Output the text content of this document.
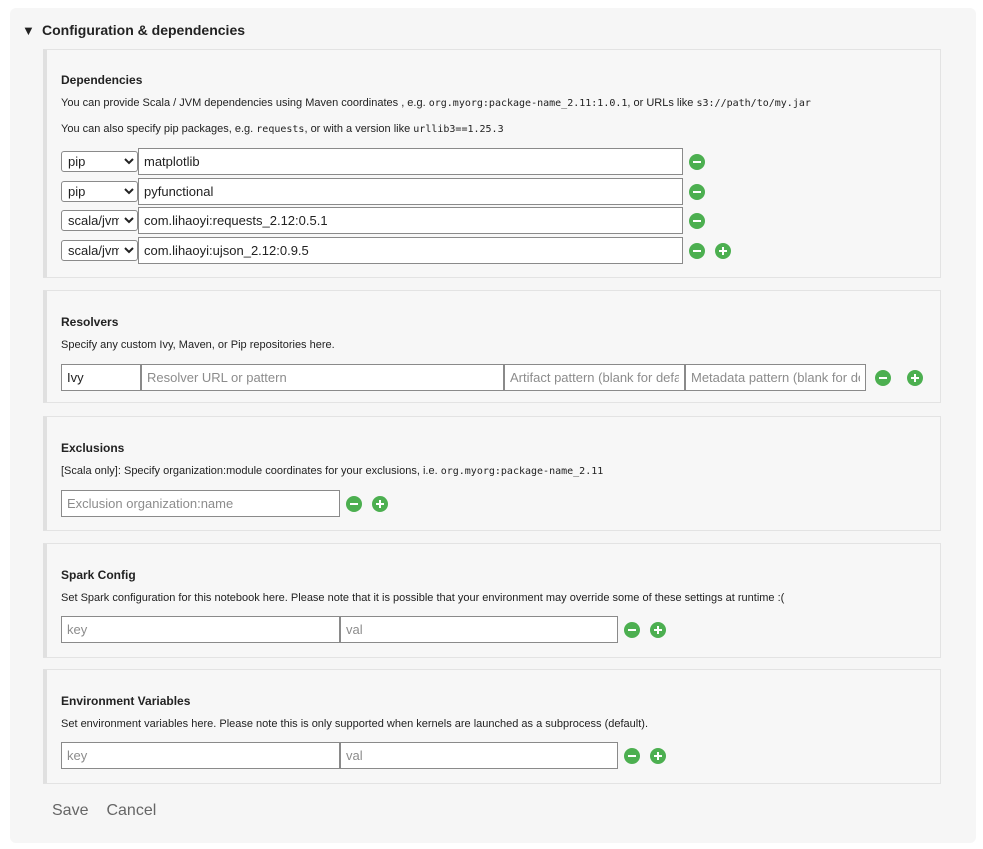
▼ Configuration & dependencies
Dependencies
You can provide Scala / JVM dependencies using Maven coordinates , e.g. org.myorg:package-name_2.11:1.0.1, or URLs like s3://path/to/my.jar
You can also specify pip packages, e.g. requests, or with a version like urllib3==1.25.3
pip
matplotlib
pip
pyfunctional
scala/jvm
com.lihaoyi:requests_2.12:0.5.1
scala/jvm
com.lihaoyi:ujson_2.12:0.9.5
Resolvers
Specify any custom Ivy, Maven, or Pip repositories here.
Ivy
Resolver URL or pattern
Artifact pattern (blank for default)
Metadata pattern (blank for default)
Exclusions
[Scala only]: Specify organization:module coordinates for your exclusions, i.e. org.myorg:package-name_2.11
Exclusion organization:name
Spark Config
Set Spark configuration for this notebook here. Please note that it is possible that your environment may override some of these settings at runtime :(
key
val
Environment Variables
Set environment variables here. Please note this is only supported when kernels are launched as a subprocess (default).
key
val
Save Cancel
